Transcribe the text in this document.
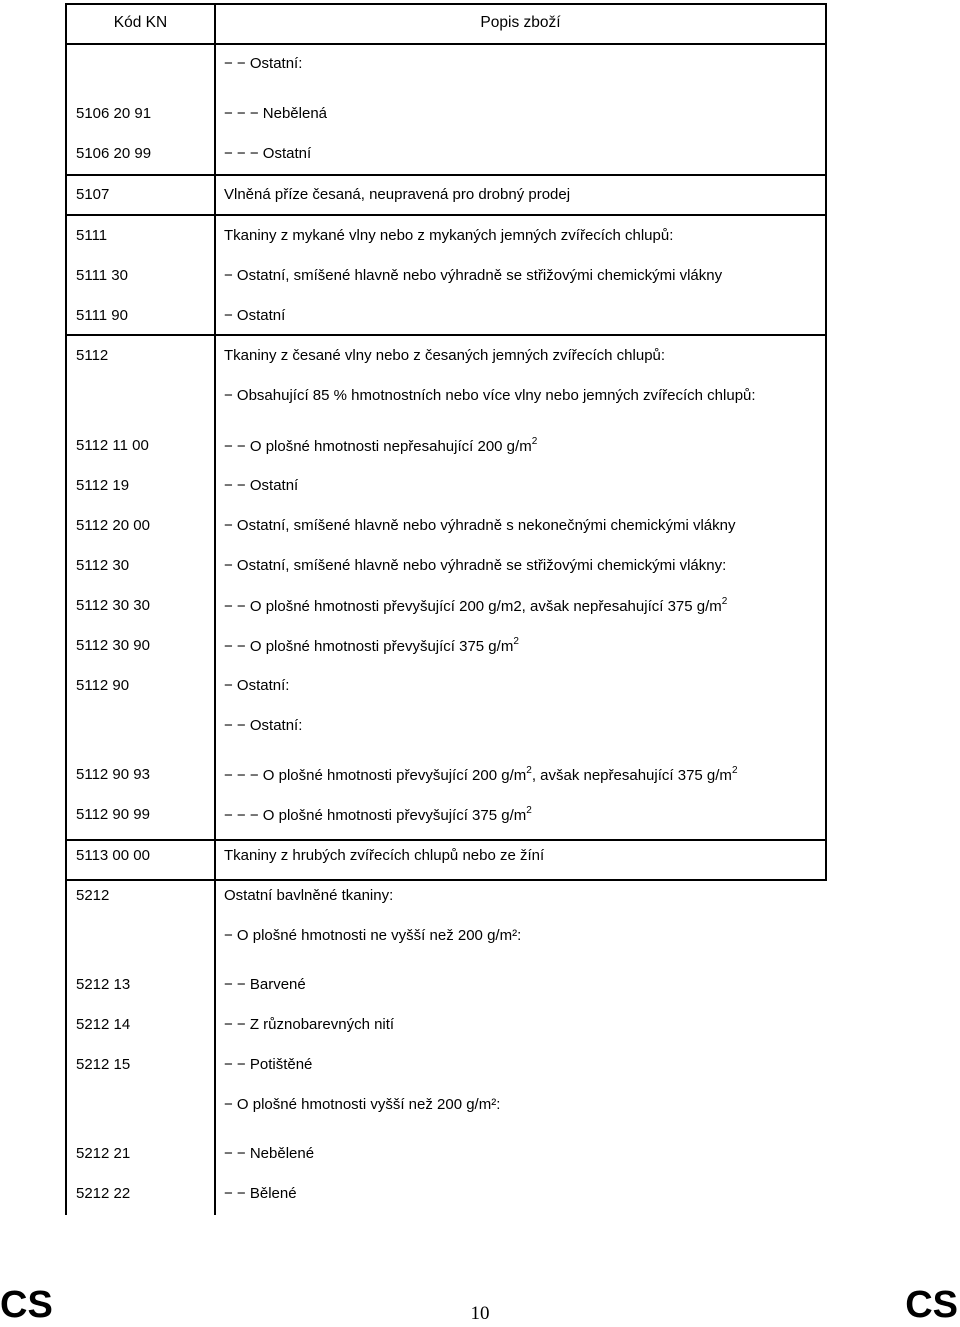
Kód KN	Popis zboží
− − Ostatní:
5106 20 91	− − − Nebělená
5106 20 99	− − − Ostatní
5107	Vlněná příze česaná, neupravená pro drobný prodej
5111	Tkaniny z mykané vlny nebo z mykaných jemných zvířecích chlupů:
5111 30	− Ostatní, smíšené hlavně nebo výhradně se střižovými chemickými vlákny
5111 90	− Ostatní
5112	Tkaniny z česané vlny nebo z česaných jemných zvířecích chlupů:
− Obsahující 85 % hmotnostních nebo více vlny nebo jemných zvířecích chlupů:
5112 11 00	− − O plošné hmotnosti nepřesahující 200 $g/m^2$
5112 19	− − Ostatní
5112 20 00	− Ostatní, smíšené hlavně nebo výhradně s nekonečnými chemickými vlákny
5112 30	− Ostatní, smíšené hlavně nebo výhradně se střižovými chemickými vlákny:
5112 30 30	− − O plošné hmotnosti převyšující 200 g/m2, avšak nepřesahující 375 $g/m^2$
5112 30 90	− − O plošné hmotnosti převyšující 375 $g/m^2$
5112 90	− Ostatní:
− − Ostatní:
5112 90 93	− − − O plošné hmotnosti převyšující 200 $g/m^2$, avšak nepřesahující 375 $g/m^2$
5112 90 99	− − − O plošné hmotnosti převyšující 375 $g/m^2$
5113 00 00	Tkaniny z hrubých zvířecích chlupů nebo ze žíní
5212	Ostatní bavlněné tkaniny:
− O plošné hmotnosti ne vyšší než 200 g/m²:
5212 13	− − Barvené
5212 14	− − Z různobarevných nití
5212 15	− − Potištěné
− O plošné hmotnosti vyšší než 200 g/m²:
5212 21	− − Nebělené
5212 22	− − Bělené
CS	10	CS
